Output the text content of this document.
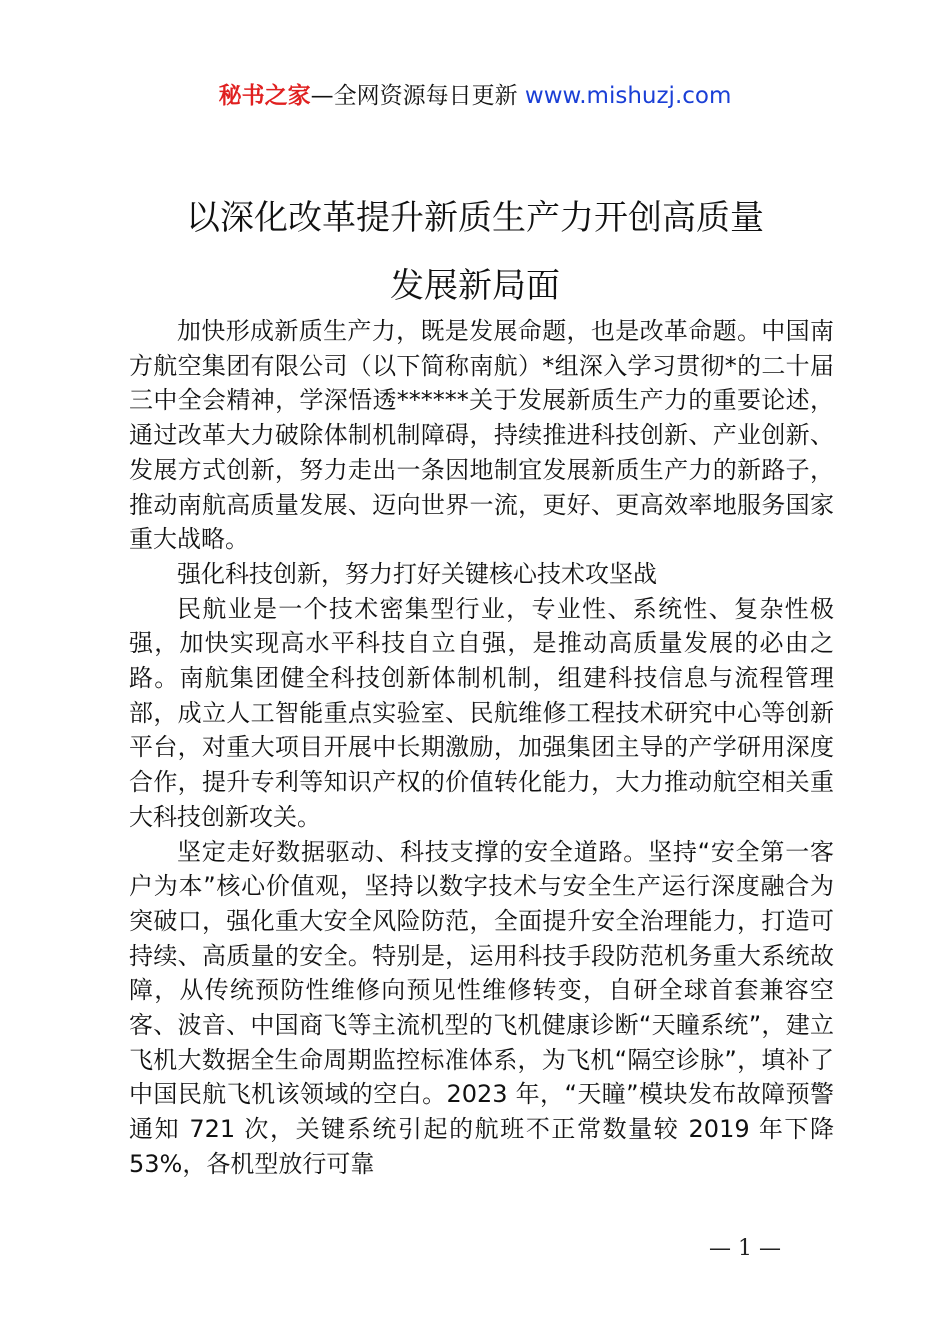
秘书之家—全网资源每日更新 www.mishuzj.com
以深化改革提升新质生产力开创高质量
发展新局面

加快形成新质生产力，既是发展命题，也是改革命题。中国南方航空集团有限公司（以下简称南航）*组深入学习贯彻*的二十届三中全会精神，学深悟透******关于发展新质生产力的重要论述，通过改革大力破除体制机制障碍，持续推进科技创新、产业创新、发展方式创新，努力走出一条因地制宜发展新质生产力的新路子，推动南航高质量发展、迈向世界一流，更好、更高效率地服务国家重大战略。

强化科技创新，努力打好关键核心技术攻坚战

民航业是一个技术密集型行业，专业性、系统性、复杂性极强，加快实现高水平科技自立自强，是推动高质量发展的必由之路。南航集团健全科技创新体制机制，组建科技信息与流程管理部，成立人工智能重点实验室、民航维修工程技术研究中心等创新平台，对重大项目开展中长期激励，加强集团主导的产学研用深度合作，提升专利等知识产权的价值转化能力，大力推动航空相关重大科技创新攻关。

坚定走好数据驱动、科技支撑的安全道路。坚持“安全第一客户为本”核心价值观，坚持以数字技术与安全生产运行深度融合为突破口，强化重大安全风险防范，全面提升安全治理能力，打造可持续、高质量的安全。特别是，运用科技手段防范机务重大系统故障，从传统预防性维修向预见性维修转变，自研全球首套兼容空客、波音、中国商飞等主流机型的飞机健康诊断“天瞳系统”，建立飞机大数据全生命周期监控标准体系，为飞机“隔空诊脉”，填补了中国民航飞机该领域的空白。2023 年，“天瞳”模块发布故障预警通知 721 次，关键系统引起的航班不正常数量较 2019 年下降 53%，各机型放行可靠

— 1 —
